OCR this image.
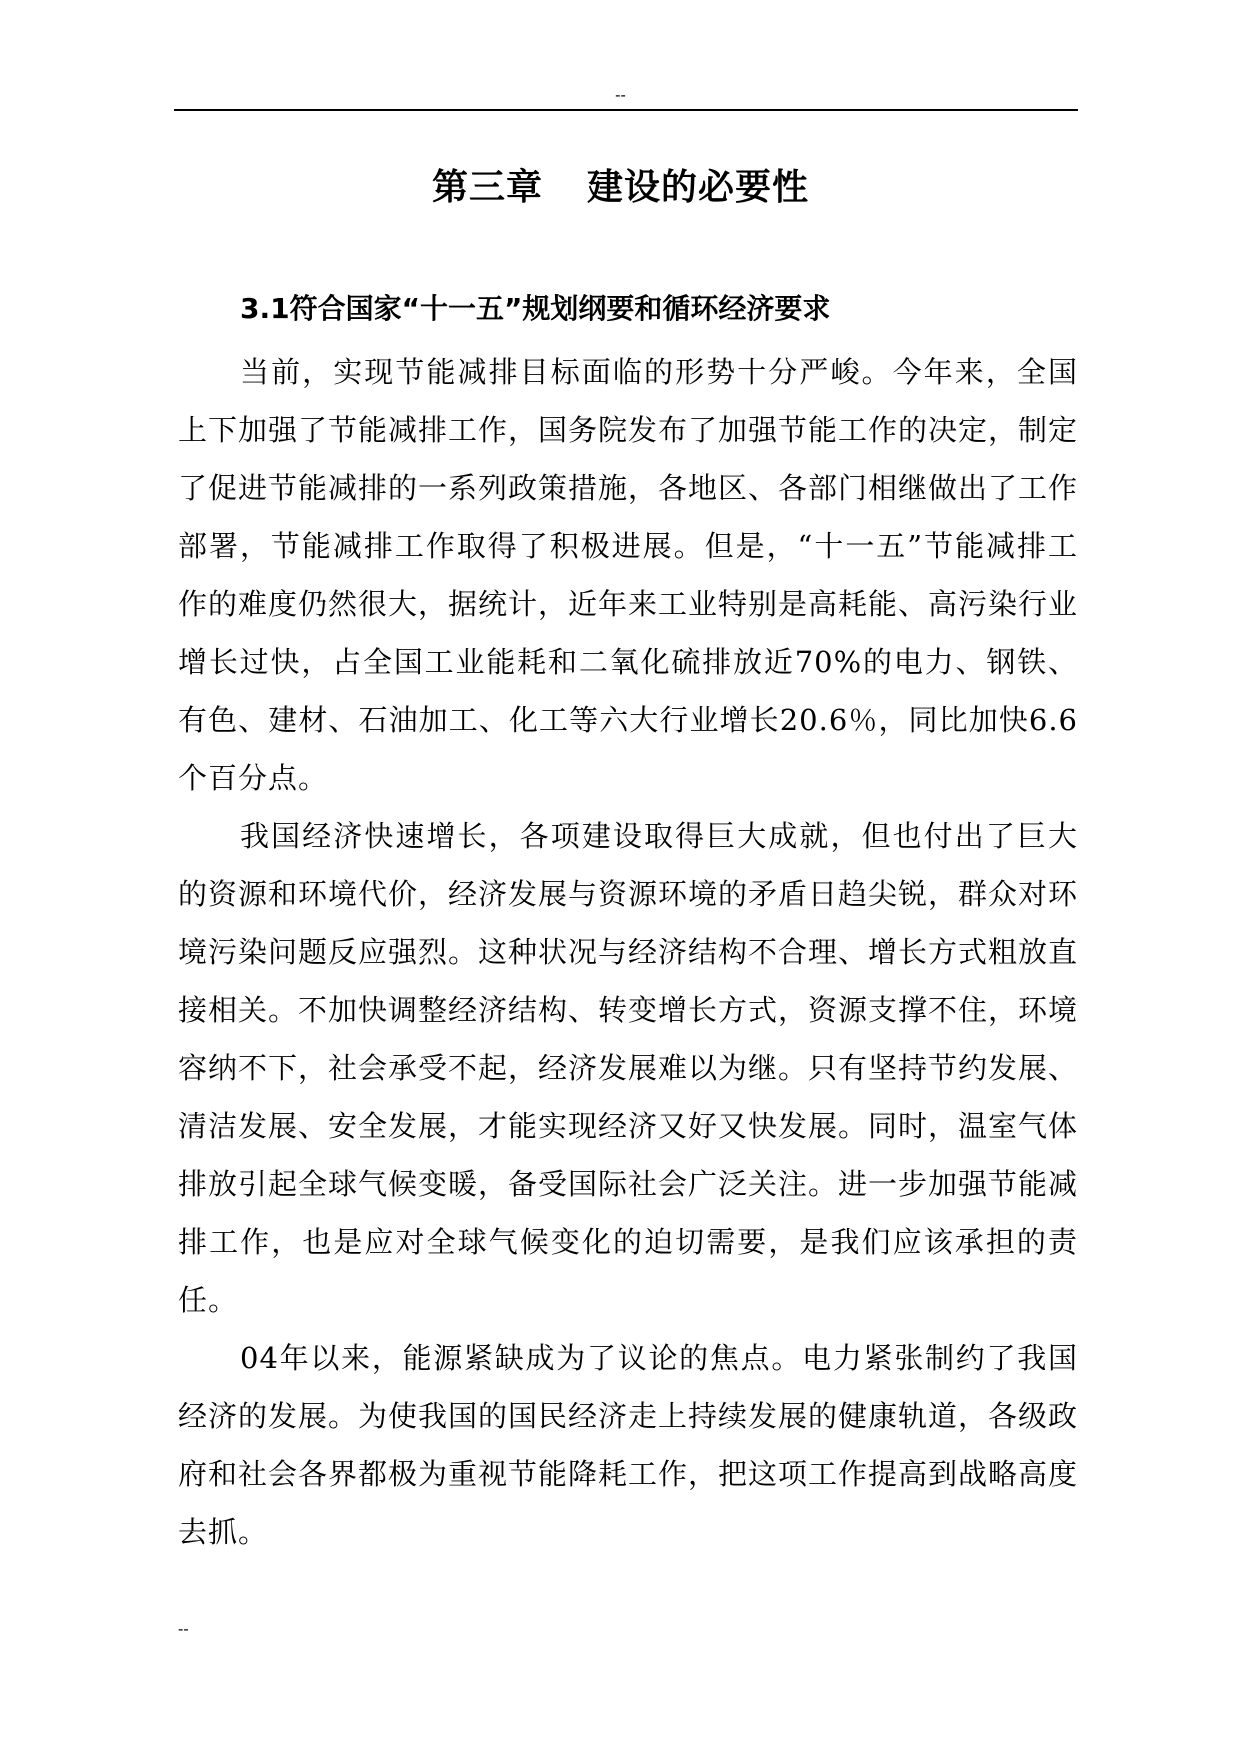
--
第三章 建设的必要性
3.1符合国家“十一五”规划纲要和循环经济要求

当前，实现节能减排目标面临的形势十分严峻。今年来，全国上下加强了节能减排工作，国务院发布了加强节能工作的决定，制定了促进节能减排的一系列政策措施，各地区、各部门相继做出了工作部署，节能减排工作取得了积极进展。但是，“十一五”节能减排工作的难度仍然很大，据统计，近年来工业特别是高耗能、高污染行业增长过快，占全国工业能耗和二氧化硫排放近70%的电力、钢铁、有色、建材、石油加工、化工等六大行业增长20.6％，同比加快6.6个百分点。

我国经济快速增长，各项建设取得巨大成就，但也付出了巨大的资源和环境代价，经济发展与资源环境的矛盾日趋尖锐，群众对环境污染问题反应强烈。这种状况与经济结构不合理、增长方式粗放直接相关。不加快调整经济结构、转变增长方式，资源支撑不住，环境容纳不下，社会承受不起，经济发展难以为继。只有坚持节约发展、清洁发展、安全发展，才能实现经济又好又快发展。同时，温室气体排放引起全球气候变暖，备受国际社会广泛关注。进一步加强节能减排工作，也是应对全球气候变化的迫切需要，是我们应该承担的责任。

04年以来，能源紧缺成为了议论的焦点。电力紧张制约了我国经济的发展。为使我国的国民经济走上持续发展的健康轨道，各级政府和社会各界都极为重视节能降耗工作，把这项工作提高到战略高度去抓。

--
